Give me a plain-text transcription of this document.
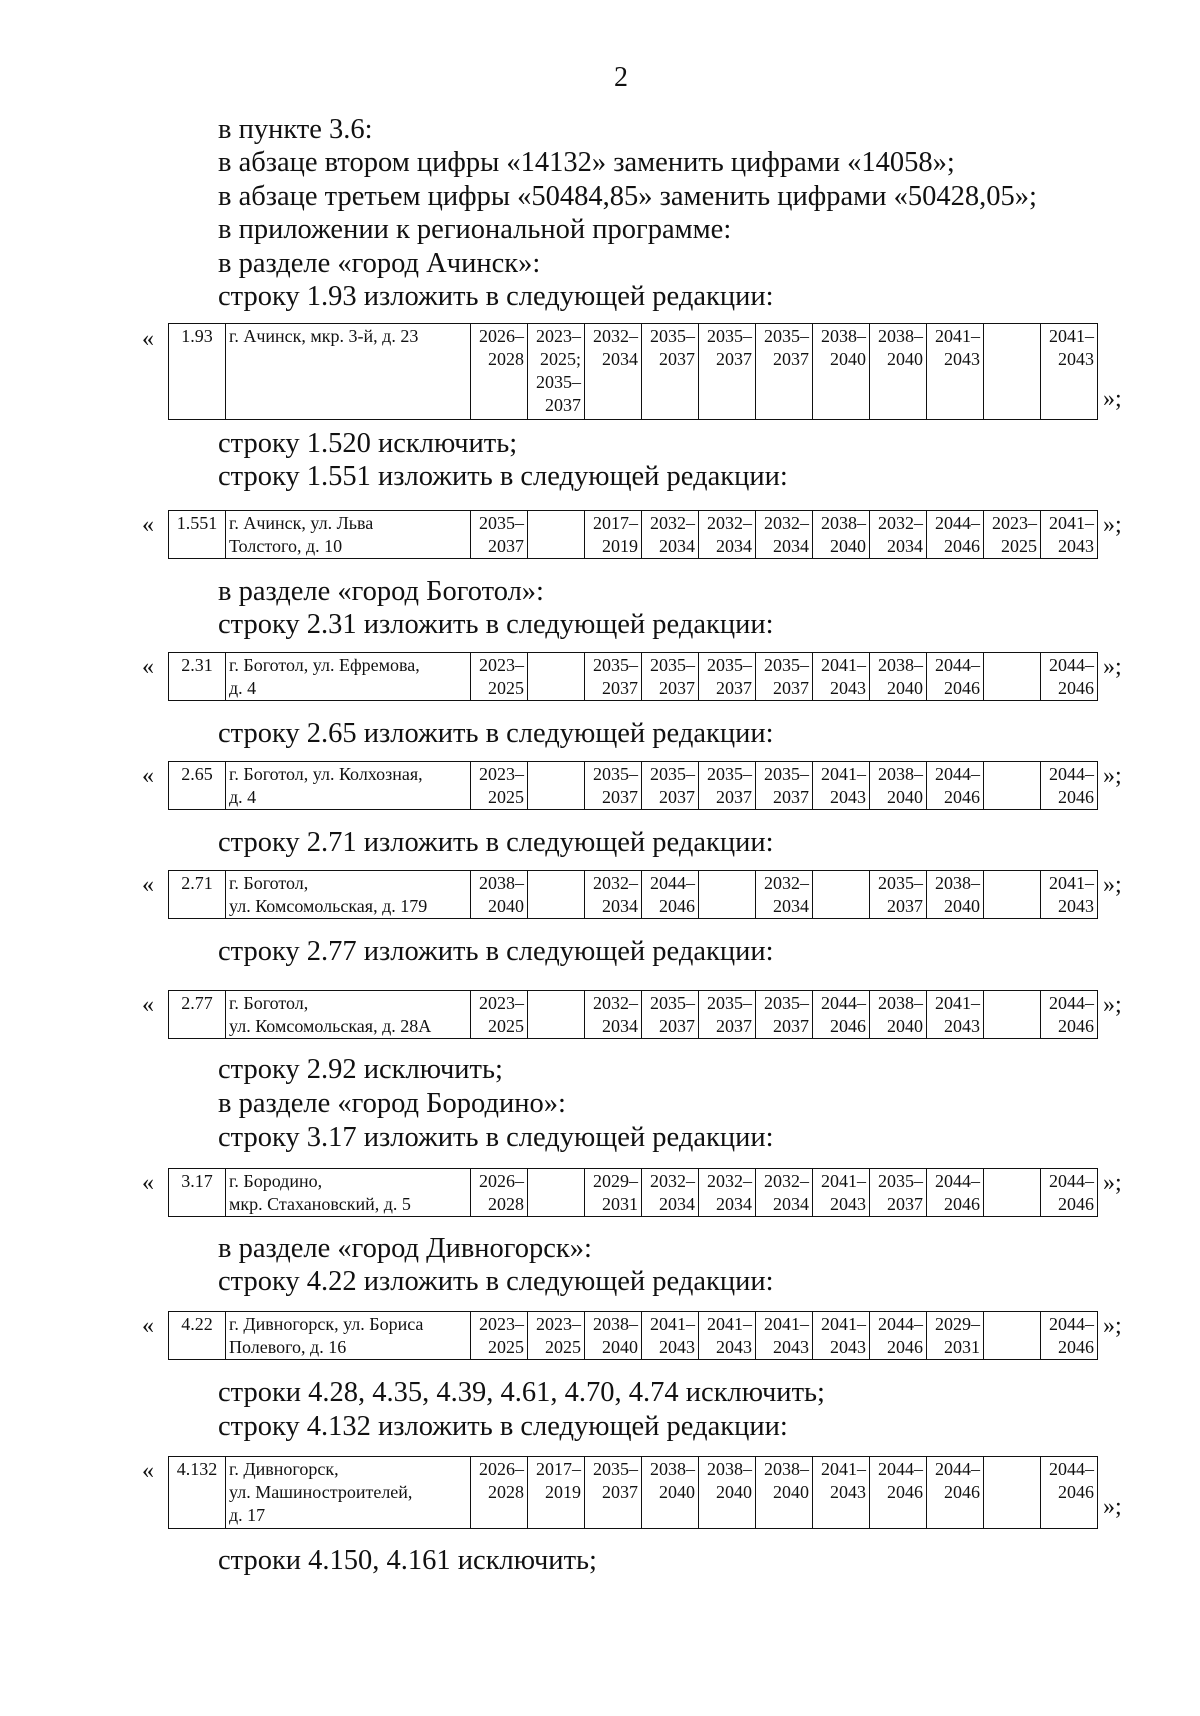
2
в пункте 3.6:
в абзаце втором цифры «14132» заменить цифрами «14058»;
в абзаце третьем цифры «50484,85» заменить цифрами «50428,05»;
в приложении к региональной программе:
в разделе «город Ачинск»:
строку 1.93 изложить в следующей редакции:
« 1.93	г. Ачинск, мкр. 3-й, д. 23	2026–
2028	2023–
2025;
2035–
2037	2032–
2034	2035–
2037	2035–
2037	2035–
2037	2038–
2040	2038–
2040	2041–
2043		2041–
2043
»;
строку 1.520 исключить;
строку 1.551 изложить в следующей редакции:
« 1.551	г. Ачинск, ул. Льва
Толстого, д. 10	2035–
2037		2017–
2019	2032–
2034	2032–
2034	2032–
2034	2038–
2040	2032–
2034	2044–
2046	2023–
2025	2041–
2043
»;
в разделе «город Боготол»:
строку 2.31 изложить в следующей редакции:
« 2.31	г. Боготол, ул. Ефремова,
д. 4	2023–
2025		2035–
2037	2035–
2037	2035–
2037	2035–
2037	2041–
2043	2038–
2040	2044–
2046		2044–
2046
»;
строку 2.65 изложить в следующей редакции:
« 2.65	г. Боготол, ул. Колхозная,
д. 4	2023–
2025		2035–
2037	2035–
2037	2035–
2037	2035–
2037	2041–
2043	2038–
2040	2044–
2046		2044–
2046
»;
строку 2.71 изложить в следующей редакции:
« 2.71	г. Боготол,
ул. Комсомольская, д. 179	2038–
2040		2032–
2034	2044–
2046		2032–
2034		2035–
2037	2038–
2040		2041–
2043
»;
строку 2.77 изложить в следующей редакции:
« 2.77	г. Боготол,
ул. Комсомольская, д. 28А	2023–
2025		2032–
2034	2035–
2037	2035–
2037	2035–
2037	2044–
2046	2038–
2040	2041–
2043		2044–
2046
»;
строку 2.92 исключить;
в разделе «город Бородино»:
строку 3.17 изложить в следующей редакции:
« 3.17	г. Бородино,
мкр. Стахановский, д. 5	2026–
2028		2029–
2031	2032–
2034	2032–
2034	2032–
2034	2041–
2043	2035–
2037	2044–
2046		2044–
2046
»;
в разделе «город Дивногорск»:
строку 4.22 изложить в следующей редакции:
« 4.22	г. Дивногорск, ул. Бориса
Полевого, д. 16	2023–
2025	2023–
2025	2038–
2040	2041–
2043	2041–
2043	2041–
2043	2041–
2043	2044–
2046	2029–
2031		2044–
2046
»;
строки 4.28, 4.35, 4.39, 4.61, 4.70, 4.74 исключить;
строку 4.132 изложить в следующей редакции:
« 4.132	г. Дивногорск,
ул. Машиностроителей,
д. 17	2026–
2028	2017–
2019	2035–
2037	2038–
2040	2038–
2040	2038–
2040	2041–
2043	2044–
2046	2044–
2046		2044–
2046
»;
строки 4.150, 4.161 исключить;
